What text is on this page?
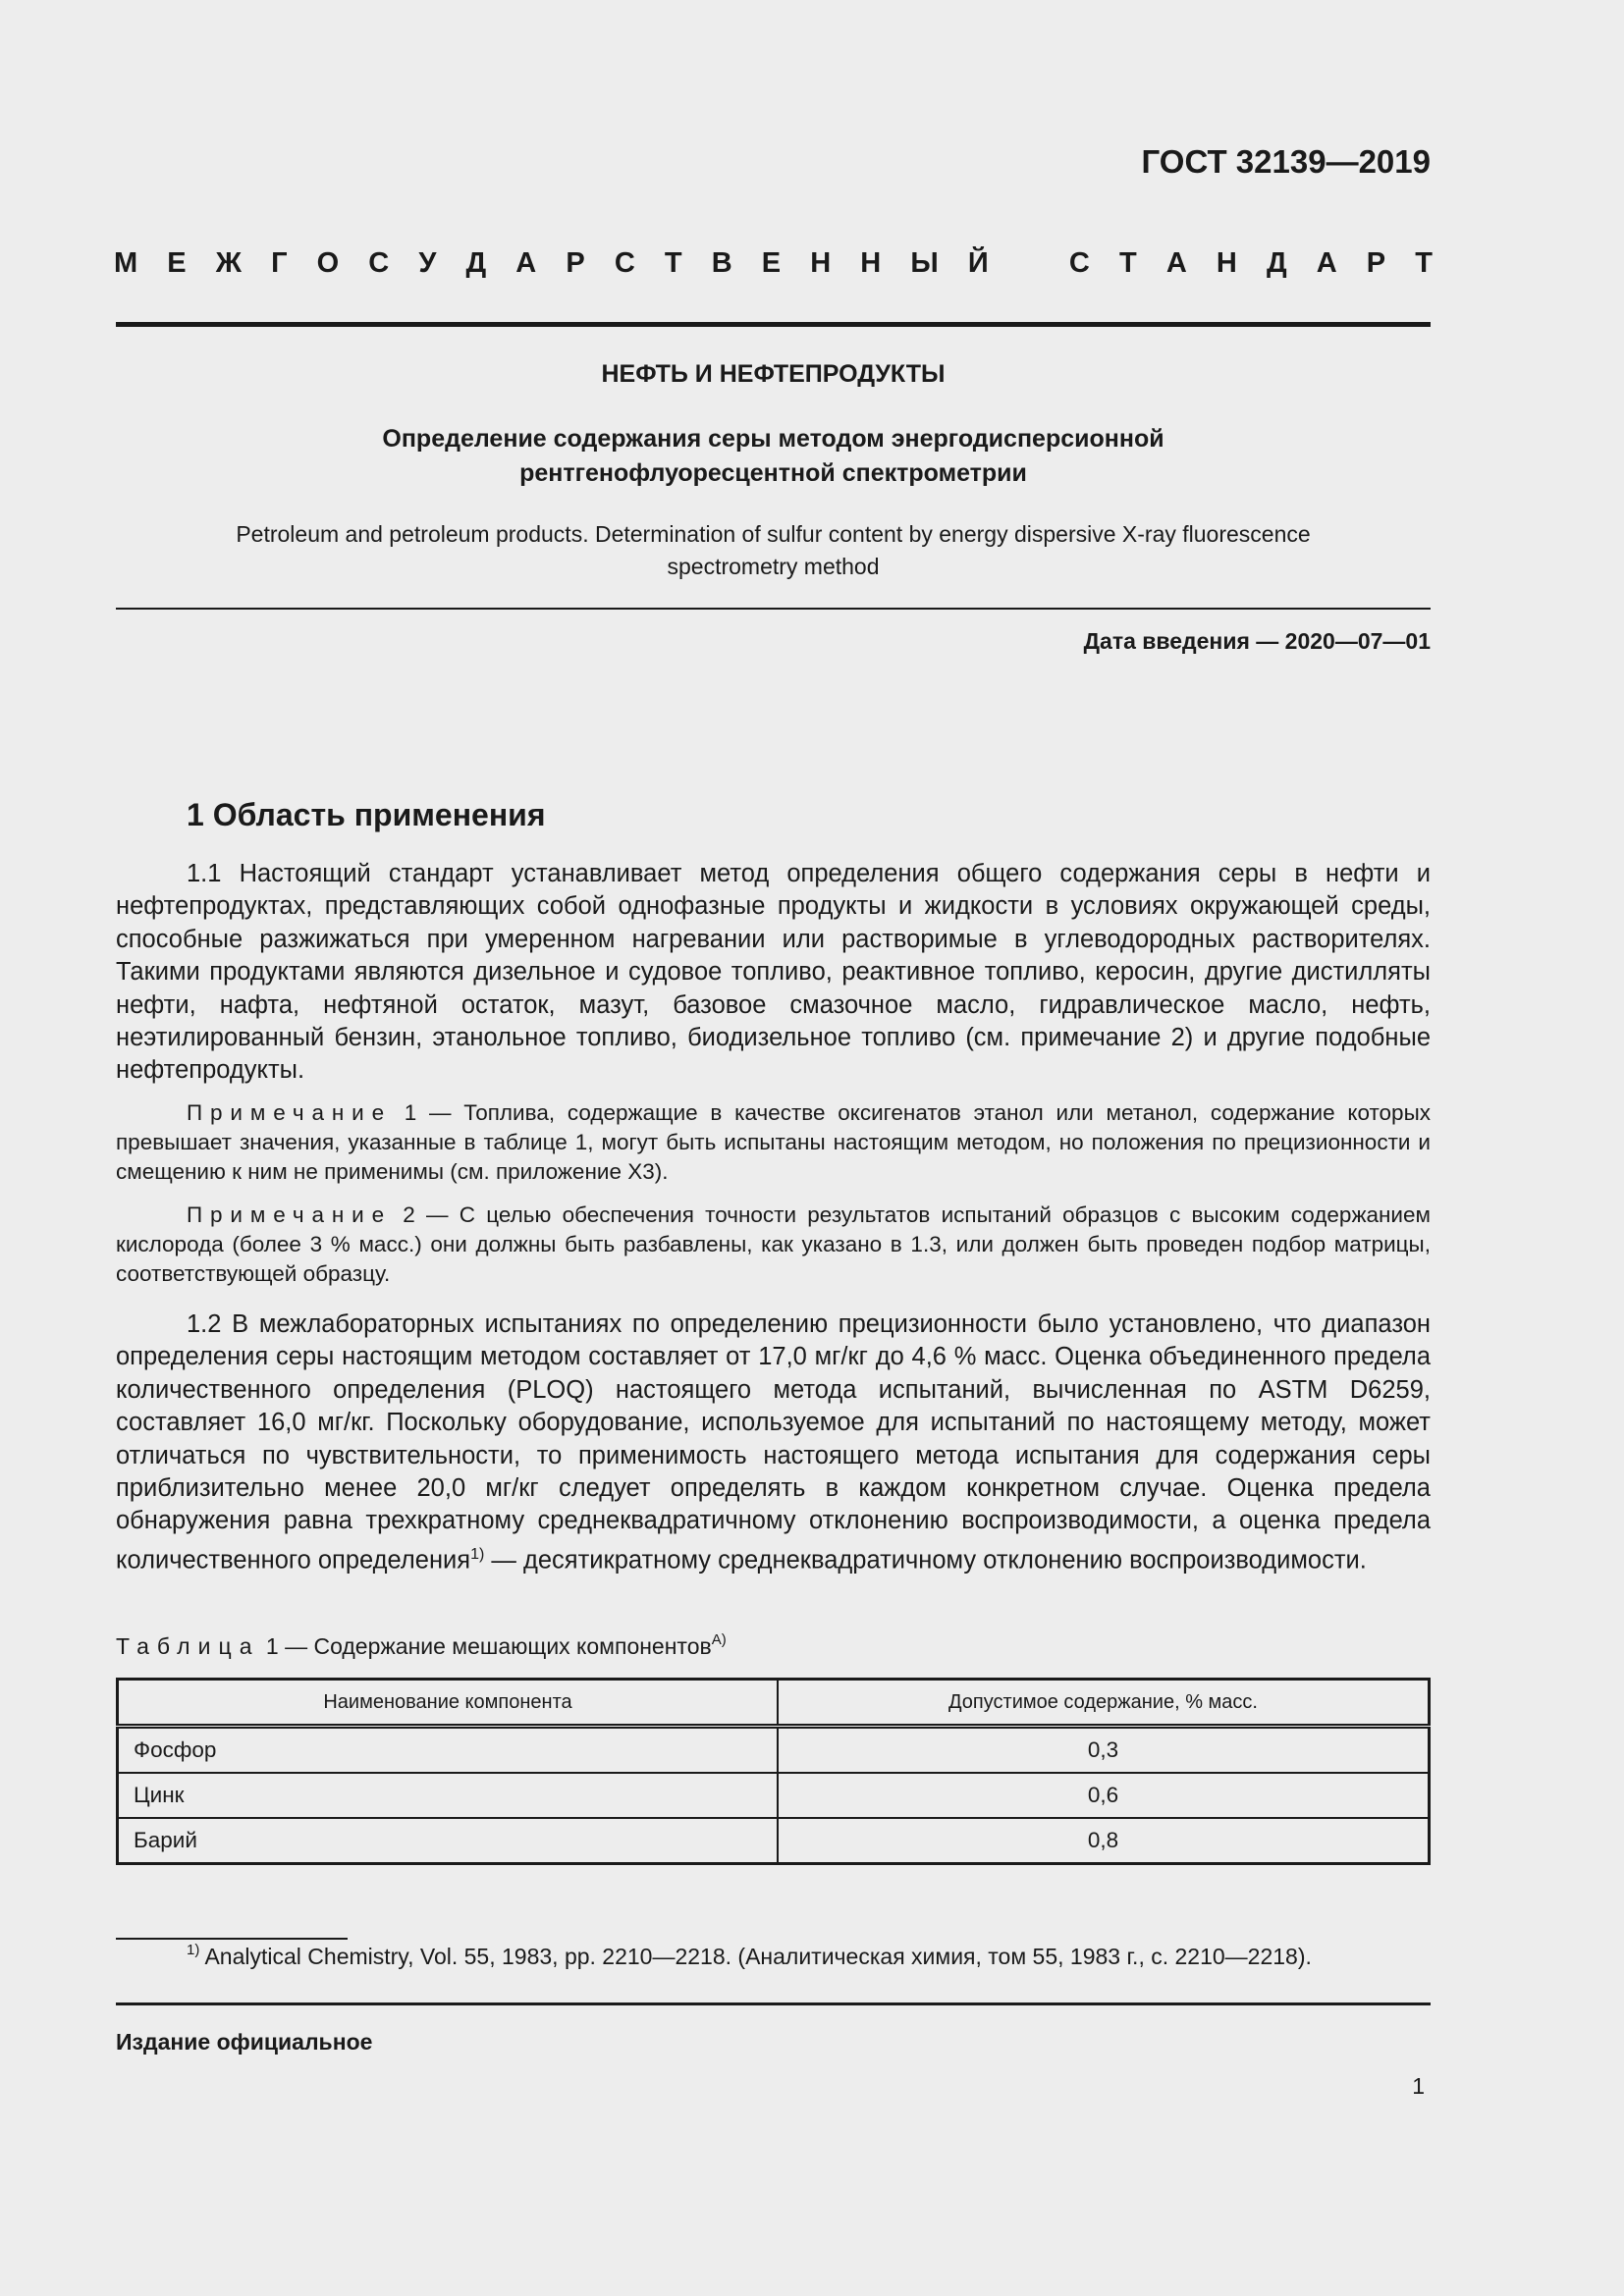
ГОСТ 32139—2019
М Е Ж Г О С У Д А Р С Т В Е Н Н Ы Й	С Т А Н Д А Р Т
НЕФТЬ И НЕФТЕПРОДУКТЫ
Определение содержания серы методом энергодисперсионной
рентгенофлуоресцентной спектрометрии
Petroleum and petroleum products. Determination of sulfur content by energy dispersive X-ray fluorescence
spectrometry method
Дата введения — 2020—07—01
1 Область применения
1.1 Настоящий стандарт устанавливает метод определения общего содержания серы в нефти и нефтепродуктах, представляющих собой однофазные продукты и жидкости в условиях окружающей среды, способные разжижаться при умеренном нагревании или растворимые в углеводородных растворителях. Такими продуктами являются дизельное и судовое топливо, реактивное топливо, керосин, другие дистилляты нефти, нафта, нефтяной остаток, мазут, базовое смазочное масло, гидравлическое масло, нефть, неэтилированный бензин, этанольное топливо, биодизельное топливо (см. примечание 2) и другие подобные нефтепродукты.
Примечание 1 — Топлива, содержащие в качестве оксигенатов этанол или метанол, содержание которых превышает значения, указанные в таблице 1, могут быть испытаны настоящим методом, но положения по прецизионности и смещению к ним не применимы (см. приложение Х3).
Примечание 2 — С целью обеспечения точности результатов испытаний образцов с высоким содержанием кислорода (более 3 % масс.) они должны быть разбавлены, как указано в 1.3, или должен быть проведен подбор матрицы, соответствующей образцу.
1.2 В межлабораторных испытаниях по определению прецизионности было установлено, что диапазон определения серы настоящим методом составляет от 17,0 мг/кг до 4,6 % масс. Оценка объединенного предела количественного определения (PLOQ) настоящего метода испытаний, вычисленная по ASTM D6259, составляет 16,0 мг/кг. Поскольку оборудование, используемое для испытаний по настоящему методу, может отличаться по чувствительности, то применимость настоящего метода испытания для содержания серы приблизительно менее 20,0 мг/кг следует определять в каждом конкретном случае. Оценка предела обнаружения равна трехкратному среднеквадратичному отклонению воспроизводимости, а оценка предела количественного определения$^{1)}$ — десятикратному среднеквадратичному отклонению воспроизводимости.
Таблица 1 — Содержание мешающих компонентов$^{А)}$
Наименование компонента	Допустимое содержание, % масс.
Фосфор	0,3
Цинк	0,6
Барий	0,8
$^{1)}$ Analytical Chemistry, Vol. 55, 1983, pp. 2210—2218. (Аналитическая химия, том 55, 1983 г., с. 2210—2218).
Издание официальное
1
